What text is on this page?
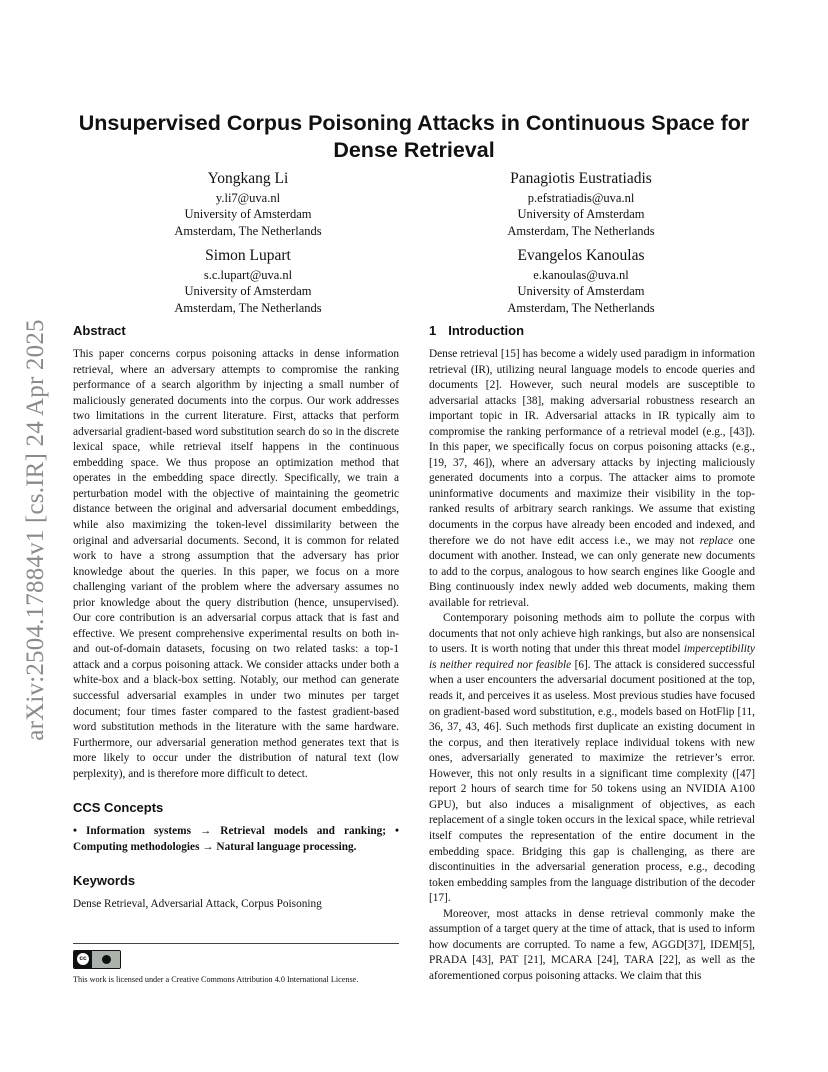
arXiv:2504.17884v1 [cs.IR] 24 Apr 2025
Unsupervised Corpus Poisoning Attacks in Continuous Space for Dense Retrieval
Yongkang Li
y.li7@uva.nl
University of Amsterdam
Amsterdam, The Netherlands
Panagiotis Eustratiadis
p.efstratiadis@uva.nl
University of Amsterdam
Amsterdam, The Netherlands
Simon Lupart
s.c.lupart@uva.nl
University of Amsterdam
Amsterdam, The Netherlands
Evangelos Kanoulas
e.kanoulas@uva.nl
University of Amsterdam
Amsterdam, The Netherlands
Abstract

This paper concerns corpus poisoning attacks in dense information retrieval, where an adversary attempts to compromise the ranking performance of a search algorithm by injecting a small number of maliciously generated documents into the corpus. Our work addresses two limitations in the current literature. First, attacks that perform adversarial gradient-based word substitution search do so in the discrete lexical space, while retrieval itself happens in the continuous embedding space. We thus propose an optimization method that operates in the embedding space directly. Specifically, we train a perturbation model with the objective of maintaining the geometric distance between the original and adversarial document embeddings, while also maximizing the token-level dissimilarity between the original and adversarial documents. Second, it is common for related work to have a strong assumption that the adversary has prior knowledge about the queries. In this paper, we focus on a more challenging variant of the problem where the adversary assumes no prior knowledge about the query distribution (hence, unsupervised). Our core contribution is an adversarial corpus attack that is fast and effective. We present comprehensive experimental results on both in- and out-of-domain datasets, focusing on two related tasks: a top-1 attack and a corpus poisoning attack. We consider attacks under both a white-box and a black-box setting. Notably, our method can generate successful adversarial examples in under two minutes per target document; four times faster compared to the fastest gradient-based word substitution methods in the literature with the same hardware. Furthermore, our adversarial generation method generates text that is more likely to occur under the distribution of natural text (low perplexity), and is therefore more difficult to detect.

CCS Concepts

• Information systems → Retrieval models and ranking; • Computing methodologies → Natural language processing.

Keywords

Dense Retrieval, Adversarial Attack, Corpus Poisoning

cc
This work is licensed under a Creative Commons Attribution 4.0 International License.
1 Introduction

Dense retrieval [15] has become a widely used paradigm in information retrieval (IR), utilizing neural language models to encode queries and documents [2]. However, such neural models are susceptible to adversarial attacks [38], making adversarial robustness research an important topic in IR. Adversarial attacks in IR typically aim to compromise the ranking performance of a retrieval model (e.g., [43]). In this paper, we specifically focus on corpus poisoning attacks (e.g., [19, 37, 46]), where an adversary attacks by injecting maliciously generated documents into a corpus. The attacker aims to promote uninformative documents and maximize their visibility in the top-ranked results of arbitrary search rankings. We assume that existing documents in the corpus have already been encoded and indexed, and therefore we do not have edit access i.e., we may not replace one document with another. Instead, we can only generate new documents to add to the corpus, analogous to how search engines like Google and Bing continuously index newly added web documents, making them available for retrieval.

Contemporary poisoning methods aim to pollute the corpus with documents that not only achieve high rankings, but also are nonsensical to users. It is worth noting that under this threat model imperceptibility is neither required nor feasible [6]. The attack is considered successful when a user encounters the adversarial document positioned at the top, reads it, and perceives it as useless. Most previous studies have focused on gradient-based word substitution, e.g., models based on HotFlip [11, 36, 37, 43, 46]. Such methods first duplicate an existing document in the corpus, and then iteratively replace individual tokens with new ones, adversarially generated to maximize the retriever’s error. However, this not only results in a significant time complexity ([47] report 2 hours of search time for 50 tokens using an NVIDIA A100 GPU), but also induces a misalignment of objectives, as each replacement of a single token occurs in the lexical space, while retrieval itself computes the representation of the entire document in the embedding space. Bridging this gap is challenging, as there are discontinuities in the adversarial generation process, e.g., decoding token embedding samples from the language distribution of the decoder [17].

Moreover, most attacks in dense retrieval commonly make the assumption of a target query at the time of attack, that is used to inform how documents are corrupted. To name a few, AGGD[37], IDEM[5], PRADA [43], PAT [21], MCARA [24], TARA [22], as well as the aforementioned corpus poisoning attacks. We claim that this
